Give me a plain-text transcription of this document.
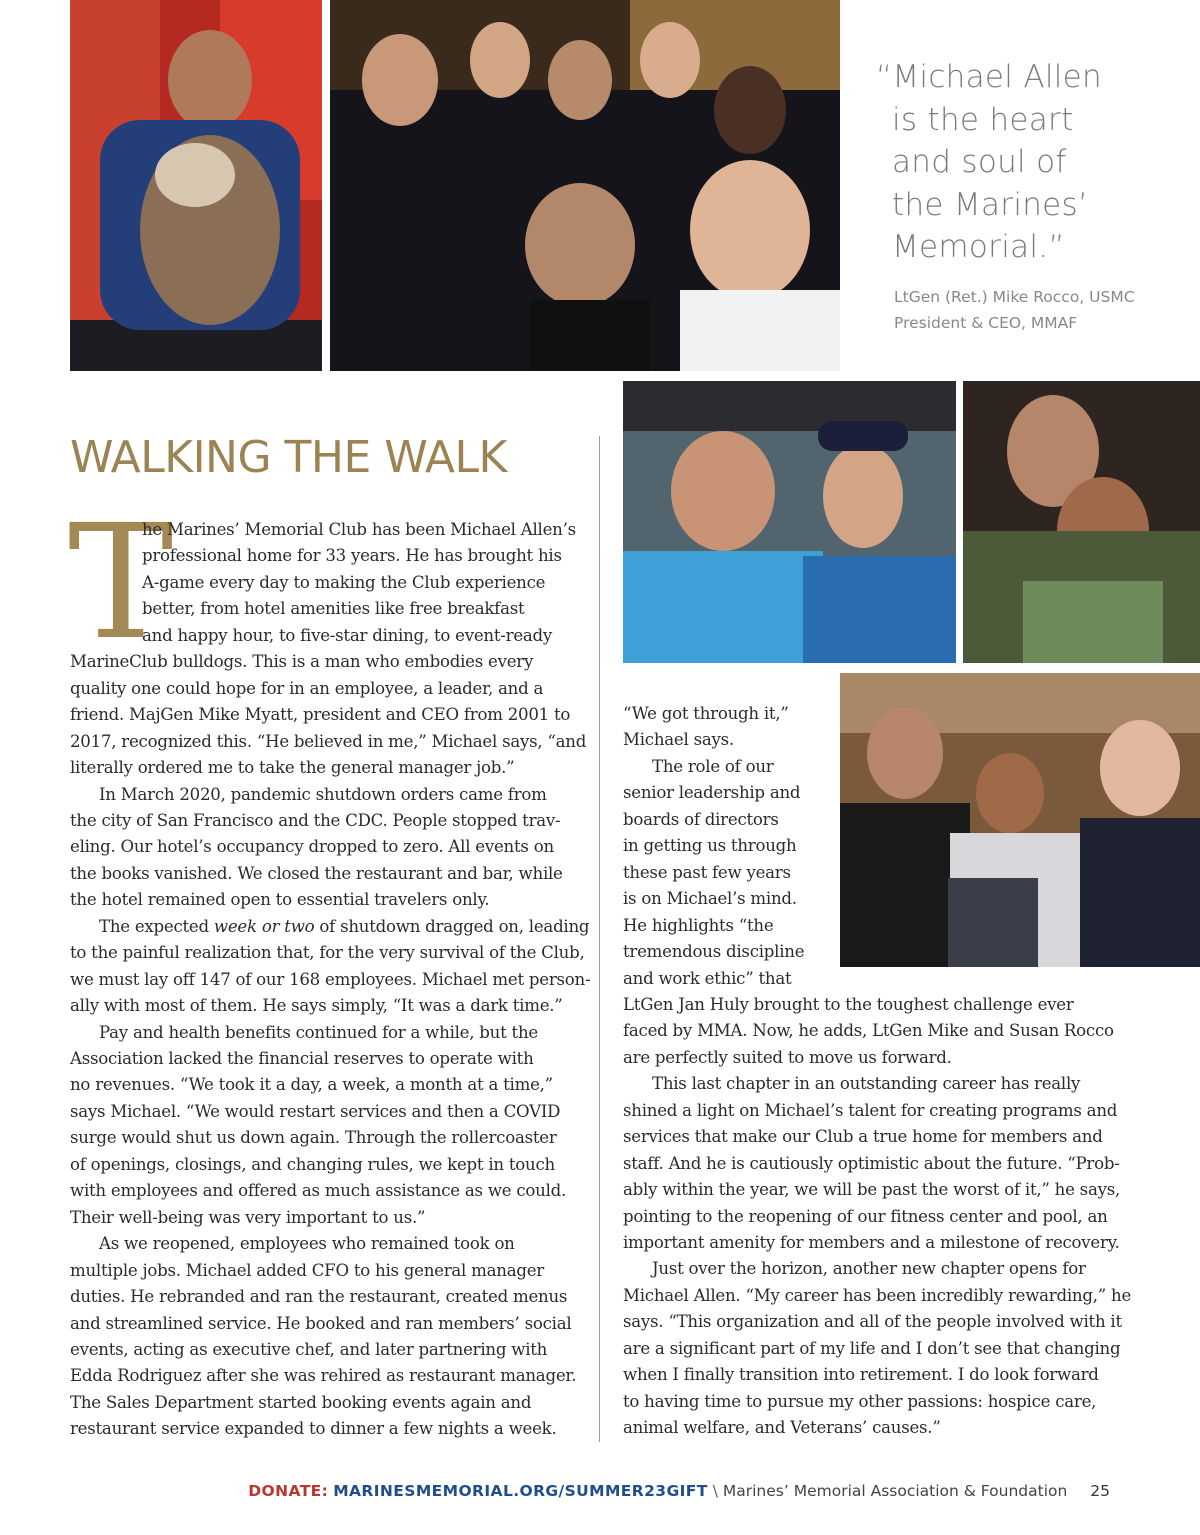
“Michael Allen
is the heart
and soul of
the Marines’
Memorial.”
LtGen (Ret.) Mike Rocco, USMC
President & CEO, MMAF
WALKING THE WALK
T
he Marines’ Memorial Club has been Michael Allen’s
professional home for 33 years. He has brought his
A-game every day to making the Club experience
better, from hotel amenities like free breakfast
and happy hour, to five-star dining, to event-ready
MarineClub bulldogs. This is a man who embodies every
quality one could hope for in an employee, a leader, and a
friend. MajGen Mike Myatt, president and CEO from 2001 to
2017, recognized this. “He believed in me,” Michael says, “and
literally ordered me to take the general manager job.”
In March 2020, pandemic shutdown orders came from
the city of San Francisco and the CDC. People stopped trav-
eling. Our hotel’s occupancy dropped to zero. All events on
the books vanished. We closed the restaurant and bar, while
the hotel remained open to essential travelers only.
The expected week or two of shutdown dragged on, leading
to the painful realization that, for the very survival of the Club,
we must lay off 147 of our 168 employees. Michael met person-
ally with most of them. He says simply, “It was a dark time.”
Pay and health benefits continued for a while, but the
Association lacked the financial reserves to operate with
no revenues. “We took it a day, a week, a month at a time,”
says Michael. “We would restart services and then a COVID
surge would shut us down again. Through the rollercoaster
of openings, closings, and changing rules, we kept in touch
with employees and offered as much assistance as we could.
Their well-being was very important to us.”
As we reopened, employees who remained took on
multiple jobs. Michael added CFO to his general manager
duties. He rebranded and ran the restaurant, created menus
and streamlined service. He booked and ran members’ social
events, acting as executive chef, and later partnering with
Edda Rodriguez after she was rehired as restaurant manager.
The Sales Department started booking events again and
restaurant service expanded to dinner a few nights a week.
“We got through it,”
Michael says.
The role of our
senior leadership and
boards of directors
in getting us through
these past few years
is on Michael’s mind.
He highlights “the
tremendous discipline
and work ethic” that
LtGen Jan Huly brought to the toughest challenge ever
faced by MMA. Now, he adds, LtGen Mike and Susan Rocco
are perfectly suited to move us forward.
This last chapter in an outstanding career has really
shined a light on Michael’s talent for creating programs and
services that make our Club a true home for members and
staff. And he is cautiously optimistic about the future. “Prob-
ably within the year, we will be past the worst of it,” he says,
pointing to the reopening of our fitness center and pool, an
important amenity for members and a milestone of recovery.
Just over the horizon, another new chapter opens for
Michael Allen. “My career has been incredibly rewarding,” he
says. “This organization and all of the people involved with it
are a significant part of my life and I don’t see that changing
when I finally transition into retirement. I do look forward
to having time to pursue my other passions: hospice care,
animal welfare, and Veterans’ causes.”
DONATE: MARINESMEMORIAL.ORG/SUMMER23GIFT \ Marines’ Memorial Association & Foundation 25
